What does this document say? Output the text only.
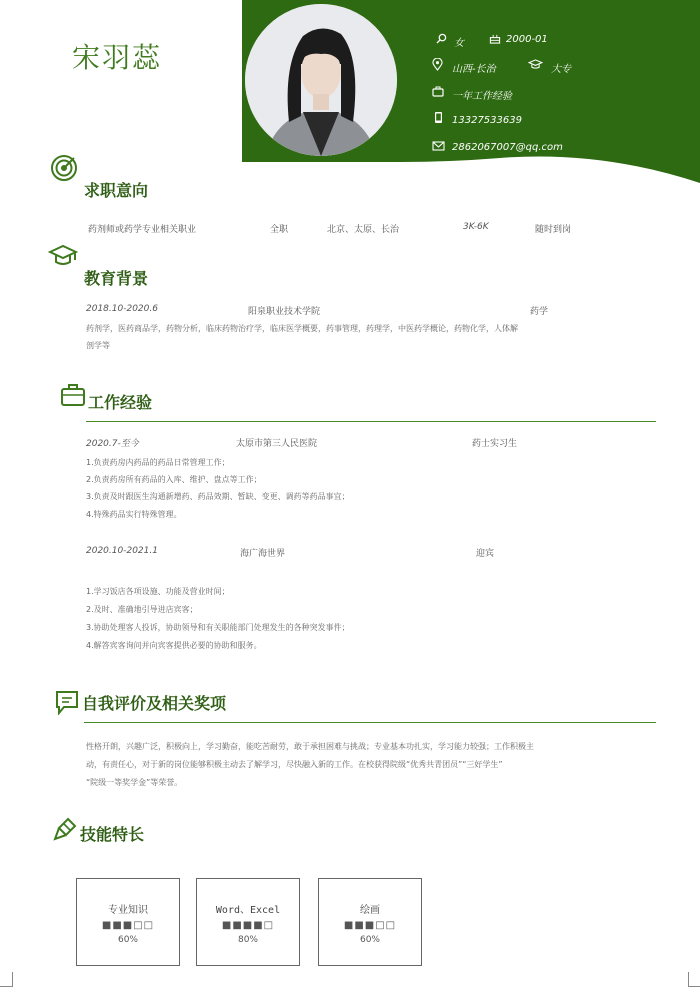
宋羽蕊	女	2000-01
山西-长治	大专
一年工作经验
13327533639
2862067007@qq.com
求职意向
药剂师或药学专业相关职业	全职	北京、太原、长治	3K-6K	随时到岗
教育背景
2018.10-2020.6	阳泉职业技术学院	药学
药剂学，医药商品学，药物分析，临床药物治疗学，临床医学概要，药事管理，药理学，中医药学概论，药物化学，人体解
剖学等
工作经验
2020.7-至今	太原市第三人民医院	药士实习生
1.负责药房内药品的药品日常管理工作；
2.负责药房所有药品的入库、维护、盘点等工作；
3.负责及时跟医生沟通新增药、药品效期、暂缺、变更、调药等药品事宜；
4.特殊药品实行特殊管理。
2020.10-2021.1	海广海世界	迎宾
1.学习饭店各项设施、功能及营业时间；
2.及时、准确地引导进店宾客；
3.协助处理客人投诉，协助领导和有关职能部门处理发生的各种突发事件；
4.解答宾客询问并向宾客提供必要的协助和服务。
自我评价及相关奖项
性格开朗，兴趣广泛，积极向上，学习勤奋，能吃苦耐劳，敢于承担困难与挑战；专业基本功扎实，学习能力较强；工作积极主
动，有责任心，对于新的岗位能够积极主动去了解学习，尽快融入新的工作。在校获得院级“优秀共青团员”“三好学生”
“院级一等奖学金”等荣誉。
技能特长
专业知识
■■■□□
60%
Word、Excel
■■■■□
80%
绘画
■■■□□
60%
